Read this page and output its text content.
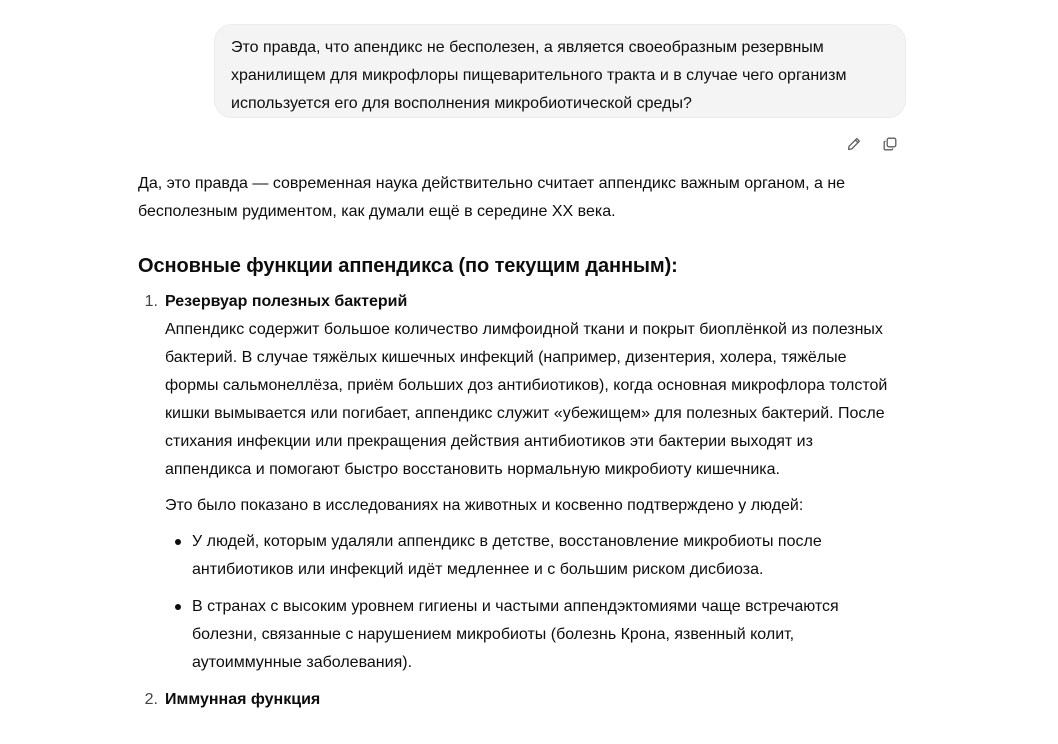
Это правда, что апендикс не бесполезен, а является своеобразным резервным хранилищем для микрофлоры пищеварительного тракта и в случае чего организм используется его для восполнения микробиотической среды?

Да, это правда — современная наука действительно считает аппендикс важным органом, а не бесполезным рудиментом, как думали ещё в середине XX века.

Основные функции аппендикса (по текущим данным):
1. Резервуар полезных бактерий

Аппендикс содержит большое количество лимфоидной ткани и покрыт биоплёнкой из полезных бактерий. В случае тяжёлых кишечных инфекций (например, дизентерия, холера, тяжёлые формы сальмонеллёза, приём больших доз антибиотиков), когда основная микрофлора толстой кишки вымывается или погибает, аппендикс служит «убежищем» для полезных бактерий. После стихания инфекции или прекращения действия антибиотиков эти бактерии выходят из аппендикса и помогают быстро восстановить нормальную микробиоту кишечника.

Это было показано в исследованиях на животных и косвенно подтверждено у людей:

У людей, которым удаляли аппендикс в детстве, восстановление микробиоты после антибиотиков или инфекций идёт медленнее и с большим риском дисбиоза.
В странах с высоким уровнем гигиены и частыми аппендэктомиями чаще встречаются болезни, связанные с нарушением микробиоты (болезнь Крона, язвенный колит, аутоиммунные заболевания).
2. Иммунная функция
